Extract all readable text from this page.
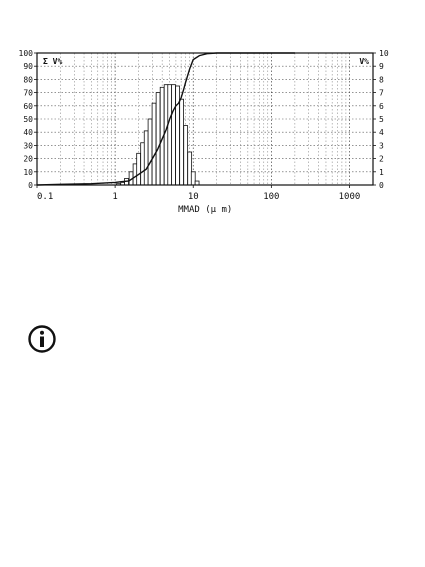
0
10
20
30
40
50
60
70
80
90
100
0
1
2
3
4
5
6
7
8
9
10
0.1	1	10	100	1000
Σ V%	V%
MMAD (µ m)
